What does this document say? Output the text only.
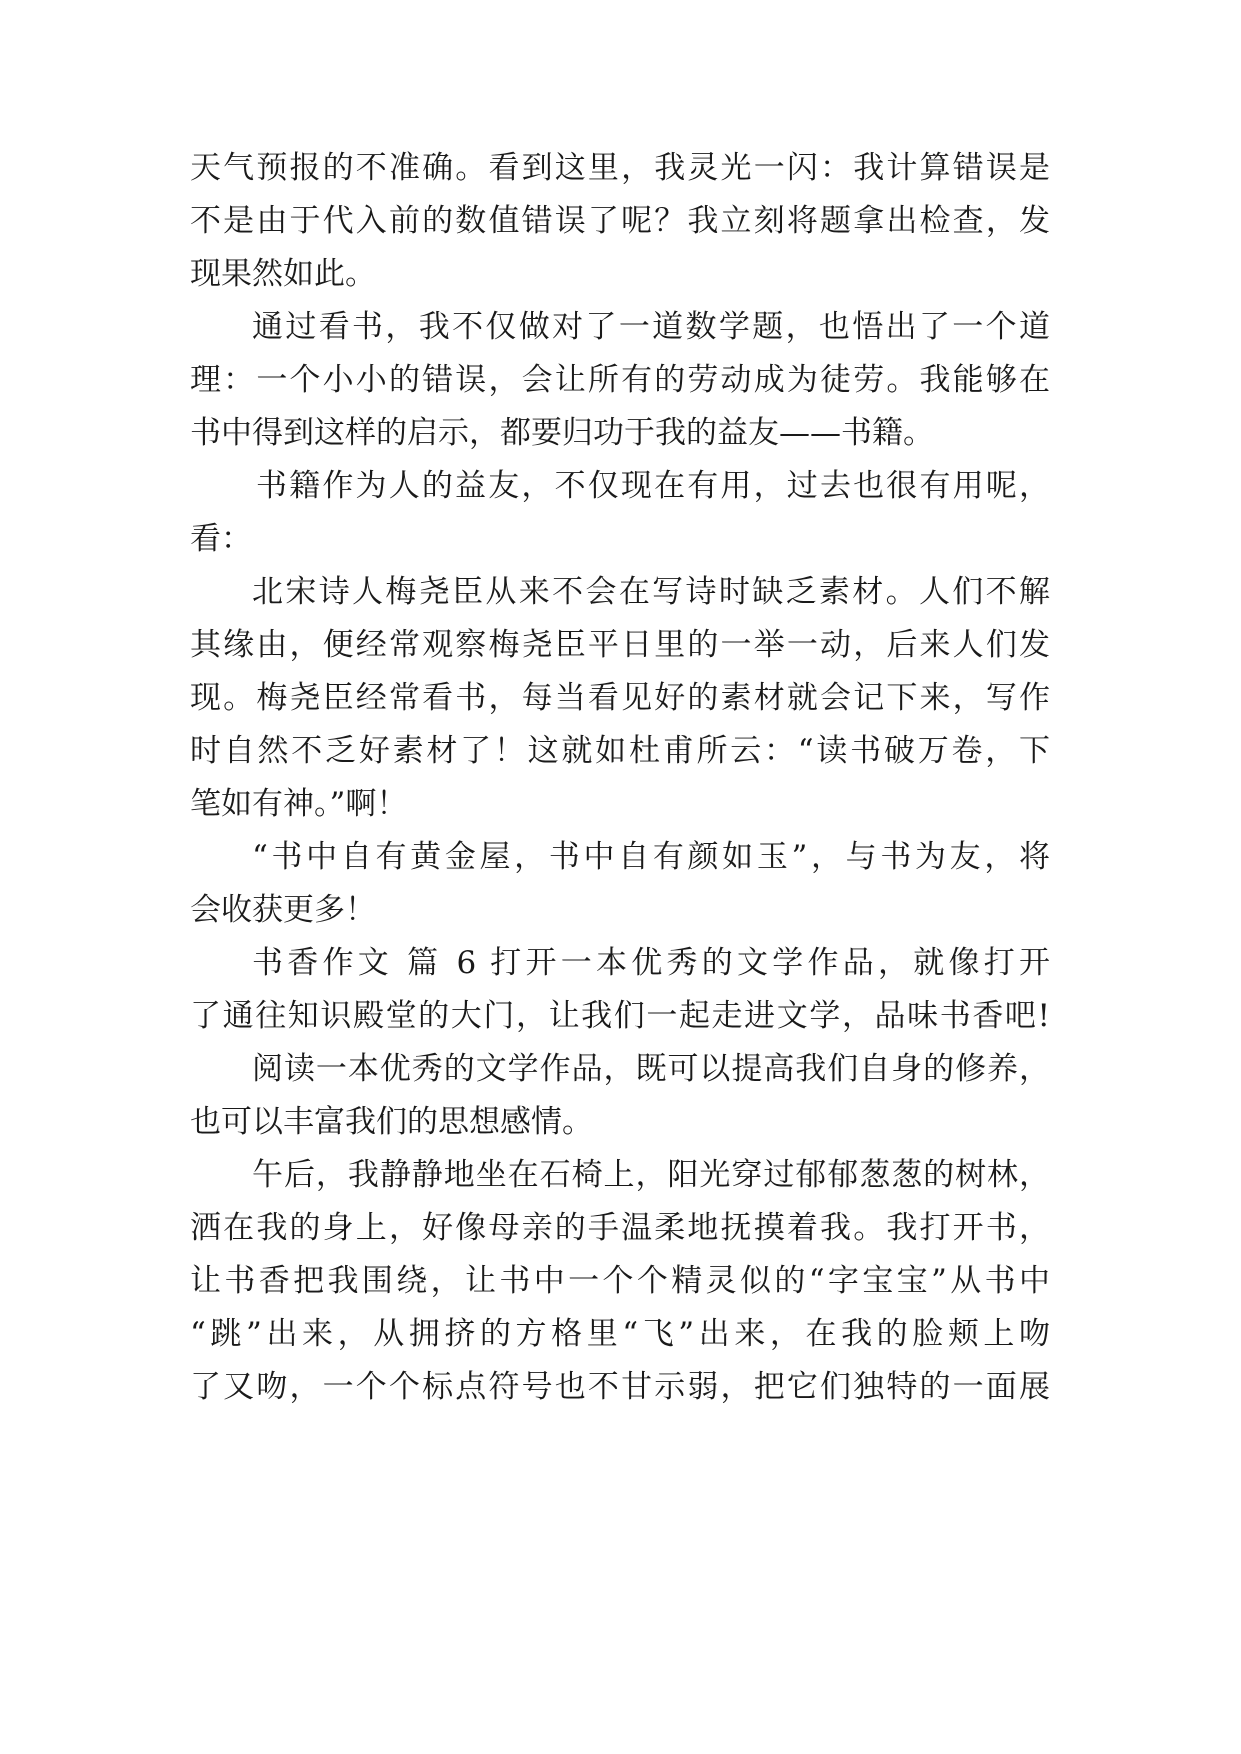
天气预报的不准确。看到这里，我灵光一闪：我计算错误是

不是由于代入前的数值错误了呢？我立刻将题拿出检查，发

现果然如此。

通过看书，我不仅做对了一道数学题，也悟出了一个道

理：一个小小的错误，会让所有的劳动成为徒劳。我能够在

书中得到这样的启示，都要归功于我的益友——书籍。

书籍作为人的益友，不仅现在有用，过去也很有用呢，

看：

北宋诗人梅尧臣从来不会在写诗时缺乏素材。人们不解

其缘由，便经常观察梅尧臣平日里的一举一动，后来人们发

现。梅尧臣经常看书，每当看见好的素材就会记下来，写作

时自然不乏好素材了！这就如杜甫所云：“读书破万卷，下

笔如有神。”啊！

“书中自有黄金屋，书中自有颜如玉”，与书为友，将

会收获更多！

书香作文 篇 6 打开一本优秀的文学作品，就像打开

了通往知识殿堂的大门，让我们一起走进文学，品味书香吧!

阅读一本优秀的文学作品，既可以提高我们自身的修养，

也可以丰富我们的思想感情。

午后，我静静地坐在石椅上，阳光穿过郁郁葱葱的树林，

洒在我的身上，好像母亲的手温柔地抚摸着我。我打开书，

让书香把我围绕，让书中一个个精灵似的“字宝宝”从书中

“跳”出来，从拥挤的方格里“飞”出来，在我的脸颊上吻

了又吻，一个个标点符号也不甘示弱，把它们独特的一面展
